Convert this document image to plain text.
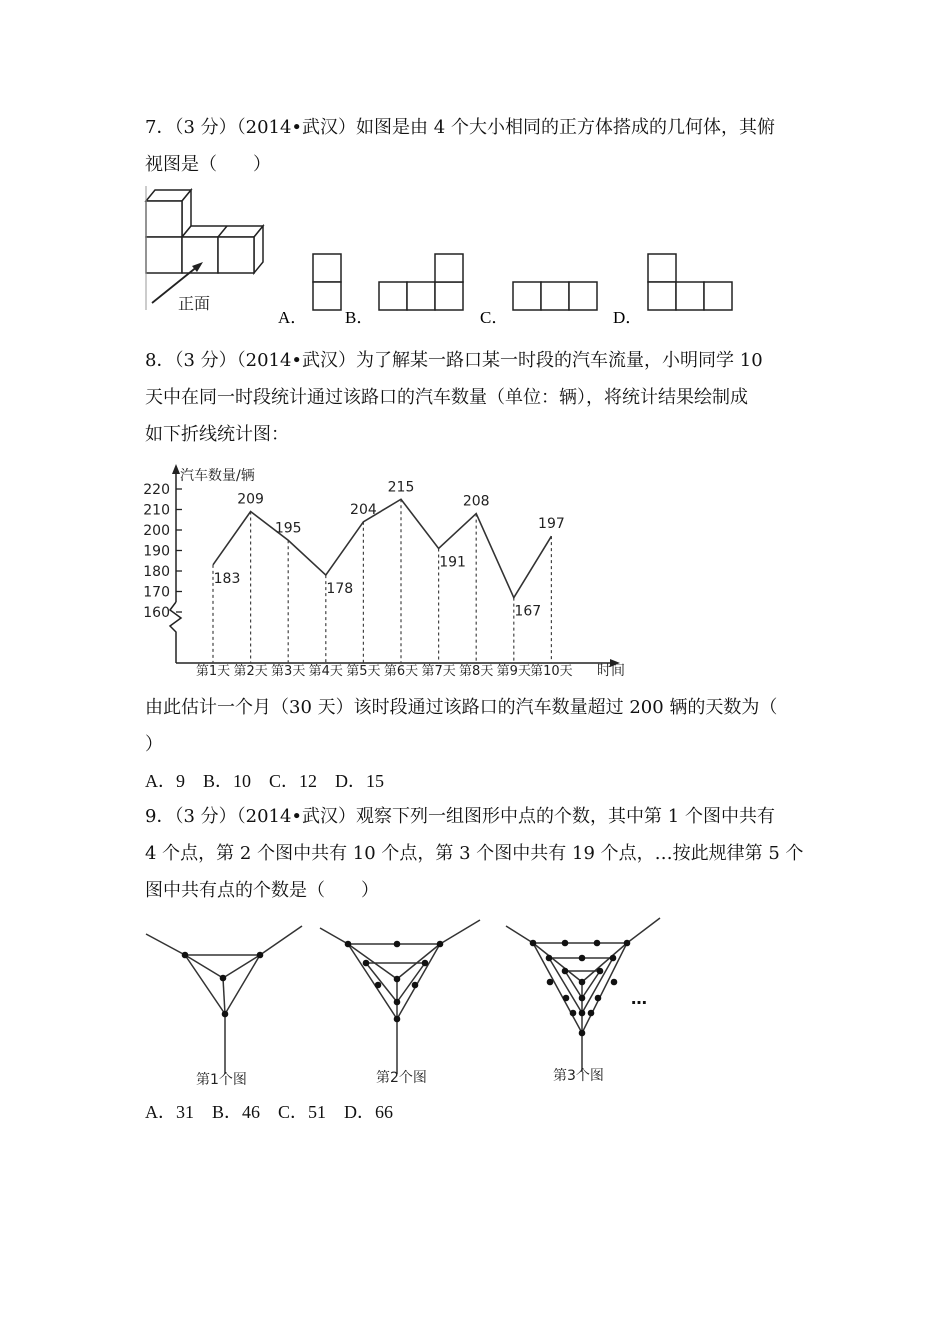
7．（3 分）（2014•武汉）如图是由 4 个大小相同的正方体搭成的几何体，其俯
视图是（　　）
正面
A． B．	C．	D．
8．（3 分）（2014•武汉）为了解某一路口某一时段的汽车流量，小明同学 10
天中在同一时段统计通过该路口的汽车数量（单位：辆），将统计结果绘制成
如下折线统计图：
汽车数量/辆
时间
160
170
180
190
200
210
220
第1天 第2天 第3天 第4天 第5天 第6天 第7天 第8天 第9天 第10天
183
209
195
178
204
215
191
208
167
197
由此估计一个月（30 天）该时段通过该路口的汽车数量超过 200 辆的天数为（
）
A．9　B．10　C．12　D．15
9．（3 分）（2014•武汉）观察下列一组图形中点的个数，其中第 1 个图中共有
4 个点，第 2 个图中共有 10 个点，第 3 个图中共有 19 个点，…按此规律第 5 个
图中共有点的个数是（　　）
…
第1个图	第2个图	第3个图
A．31　B．46　C．51　D．66
